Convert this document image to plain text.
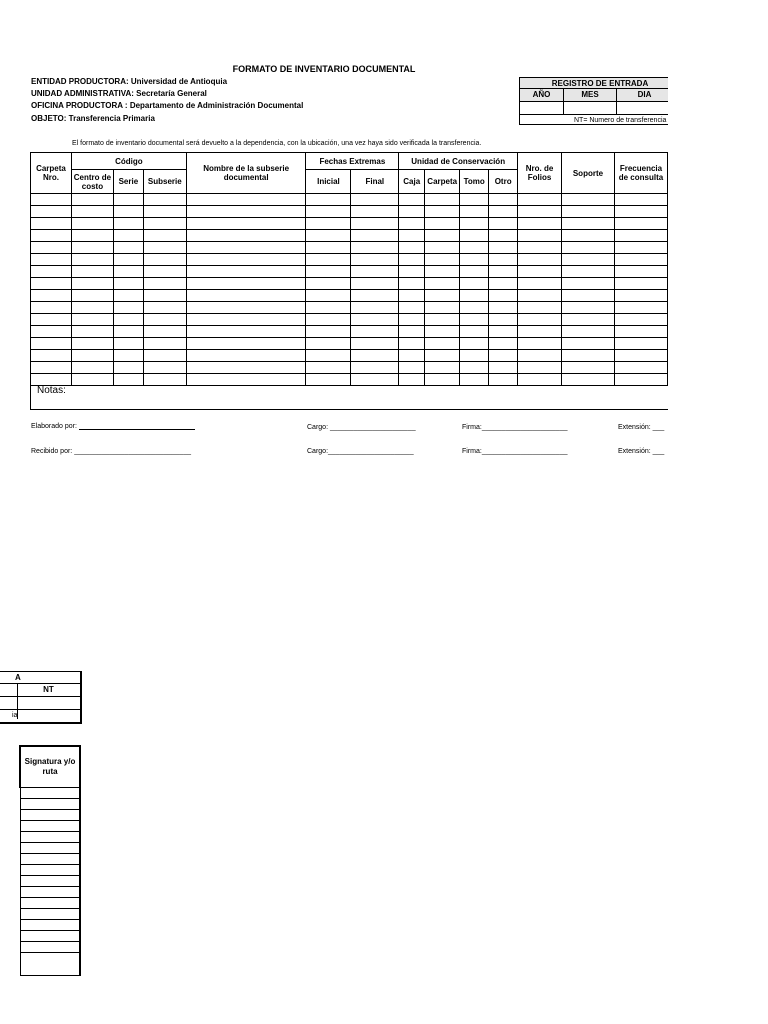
FORMATO DE INVENTARIO DOCUMENTAL
ENTIDAD PRODUCTORA: Universidad de Antioquia
UNIDAD ADMINISTRATIVA: Secretaría General
OFICINA PRODUCTORA : Departamento de Administración Documental
OBJETO: Transferencia Primaria
REGISTRO DE ENTRADA
AÑO	MES	DIA
NT= Numero de transferencia
El formato de inventario documental será devuelto a la dependencia, con la ubicación, una vez haya sido verificada la transferencia.
Carpeta Nro.	Código			Nombre de la subserie documental	Fechas Extremas		Unidad de Conservación				Nro. de Folios	Soporte	Frecuencia de consulta
	Centro de costo	Serie	Subserie		Inicial	Final	Caja	Carpeta	Tomo	Otro			

Notas:
Elaborado por:	Cargo: ______________________	Firma:______________________	Extensión: ___
Recibido por: ______________________________	Cargo:______________________	Firma:______________________	Extensión: ___
A
NT
ia
Signatura y/o ruta
